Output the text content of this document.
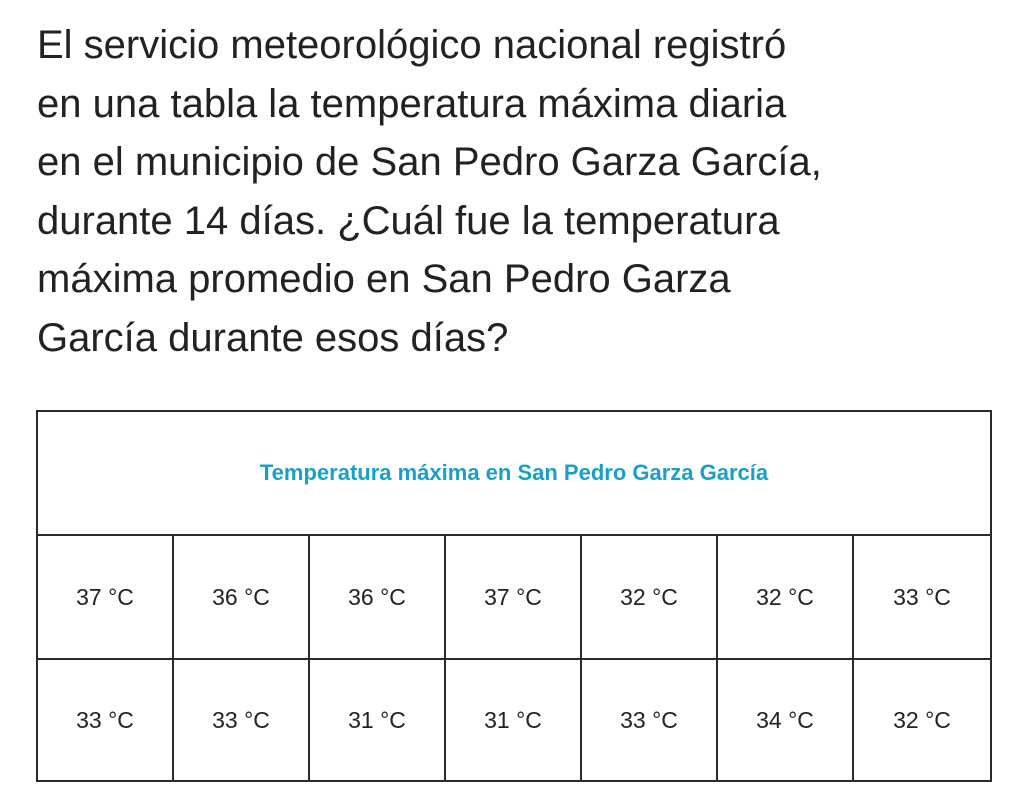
El servicio meteorológico nacional registró
en una tabla la temperatura máxima diaria
en el municipio de San Pedro Garza García,
durante 14 días. ¿Cuál fue la temperatura
máxima promedio en San Pedro Garza
García durante esos días?

Temperatura máxima en San Pedro Garza García						
37 °C	36 °C	36 °C	37 °C	32 °C	32 °C	33 °C
33 °C	33 °C	31 °C	31 °C	33 °C	34 °C	32 °C
